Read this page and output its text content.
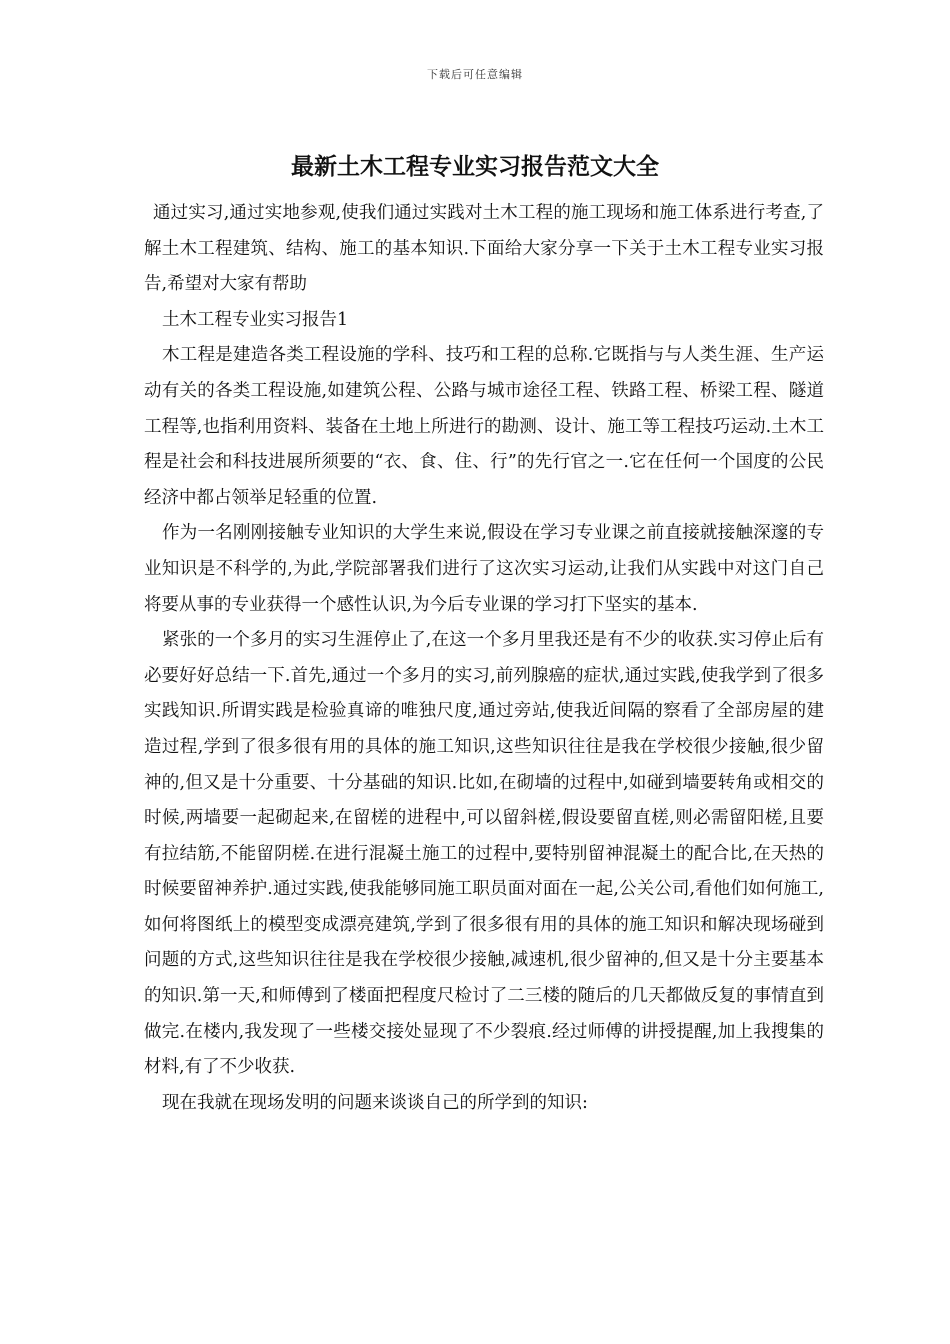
下载后可任意编辑
最新土木工程专业实习报告范文大全

通过实习,通过实地参观,使我们通过实践对土木工程的施工现场和施工体系进行考查,了解土木工程建筑、结构、施工的基本知识.下面给大家分享一下关于土木工程专业实习报告,希望对大家有帮助

土木工程专业实习报告1

木工程是建造各类工程设施的学科、技巧和工程的总称.它既指与与人类生涯、生产运动有关的各类工程设施,如建筑公程、公路与城市途径工程、铁路工程、桥梁工程、隧道工程等,也指利用资料、装备在土地上所进行的勘测、设计、施工等工程技巧运动.土木工程是社会和科技进展所须要的“衣、食、住、行”的先行官之一.它在任何一个国度的公民经济中都占领举足轻重的位置.

作为一名刚刚接触专业知识的大学生来说,假设在学习专业课之前直接就接触深邃的专业知识是不科学的,为此,学院部署我们进行了这次实习运动,让我们从实践中对这门自己将要从事的专业获得一个感性认识,为今后专业课的学习打下坚实的基本.

紧张的一个多月的实习生涯停止了,在这一个多月里我还是有不少的收获.实习停止后有必要好好总结一下.首先,通过一个多月的实习,前列腺癌的症状,通过实践,使我学到了很多实践知识.所谓实践是检验真谛的唯独尺度,通过旁站,使我近间隔的察看了全部房屋的建造过程,学到了很多很有用的具体的施工知识,这些知识往往是我在学校很少接触,很少留神的,但又是十分重要、十分基础的知识.比如,在砌墙的过程中,如碰到墙要转角或相交的时候,两墙要一起砌起来,在留槎的进程中,可以留斜槎,假设要留直槎,则必需留阳槎,且要有拉结筋,不能留阴槎.在进行混凝土施工的过程中,要特别留神混凝土的配合比,在天热的时候要留神养护.通过实践,使我能够同施工职员面对面在一起,公关公司,看他们如何施工,如何将图纸上的模型变成漂亮建筑,学到了很多很有用的具体的施工知识和解决现场碰到问题的方式,这些知识往往是我在学校很少接触,减速机,很少留神的,但又是十分主要基本的知识.第一天,和师傅到了楼面把程度尺检讨了二三楼的随后的几天都做反复的事情直到做完.在楼内,我发现了一些楼交接处显现了不少裂痕.经过师傅的讲授提醒,加上我搜集的材料,有了不少收获.

现在我就在现场发明的问题来谈谈自己的所学到的知识:
